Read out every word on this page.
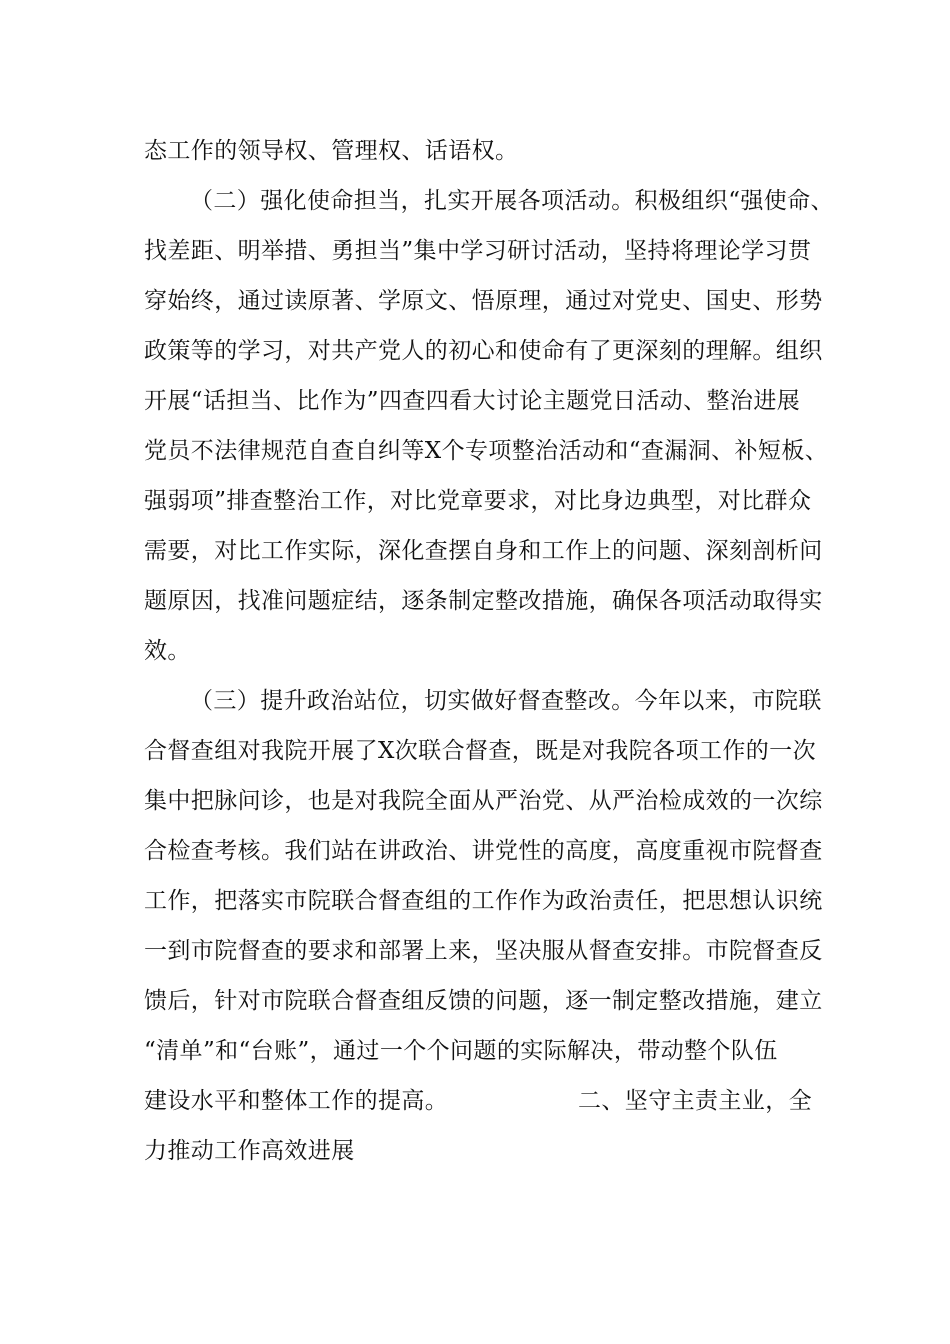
态工作的领导权、管理权、话语权。
（二）强化使命担当，扎实开展各项活动。积极组织“强使命、
找差距、明举措、勇担当”集中学习研讨活动，坚持将理论学习贯
穿始终，通过读原著、学原文、悟原理，通过对党史、国史、形势
政策等的学习，对共产党人的初心和使命有了更深刻的理解。组织
开展“话担当、比作为”四查四看大讨论主题党日活动、整治进展
党员不法律规范自查自纠等X个专项整治活动和“查漏洞、补短板、
强弱项”排查整治工作，对比党章要求，对比身边典型，对比群众
需要，对比工作实际，深化查摆自身和工作上的问题、深刻剖析问
题原因，找准问题症结，逐条制定整改措施，确保各项活动取得实
效。
（三）提升政治站位，切实做好督查整改。今年以来，市院联
合督查组对我院开展了X次联合督查，既是对我院各项工作的一次
集中把脉问诊，也是对我院全面从严治党、从严治检成效的一次综
合检查考核。我们站在讲政治、讲党性的高度，高度重视市院督查
工作，把落实市院联合督查组的工作作为政治责任，把思想认识统
一到市院督查的要求和部署上来，坚决服从督查安排。市院督查反
馈后，针对市院联合督查组反馈的问题，逐一制定整改措施，建立
“清单”和“台账”，通过一个个问题的实际解决，带动整个队伍
建设水平和整体工作的提高。	二、坚守主责主业，全
力推动工作高效进展
